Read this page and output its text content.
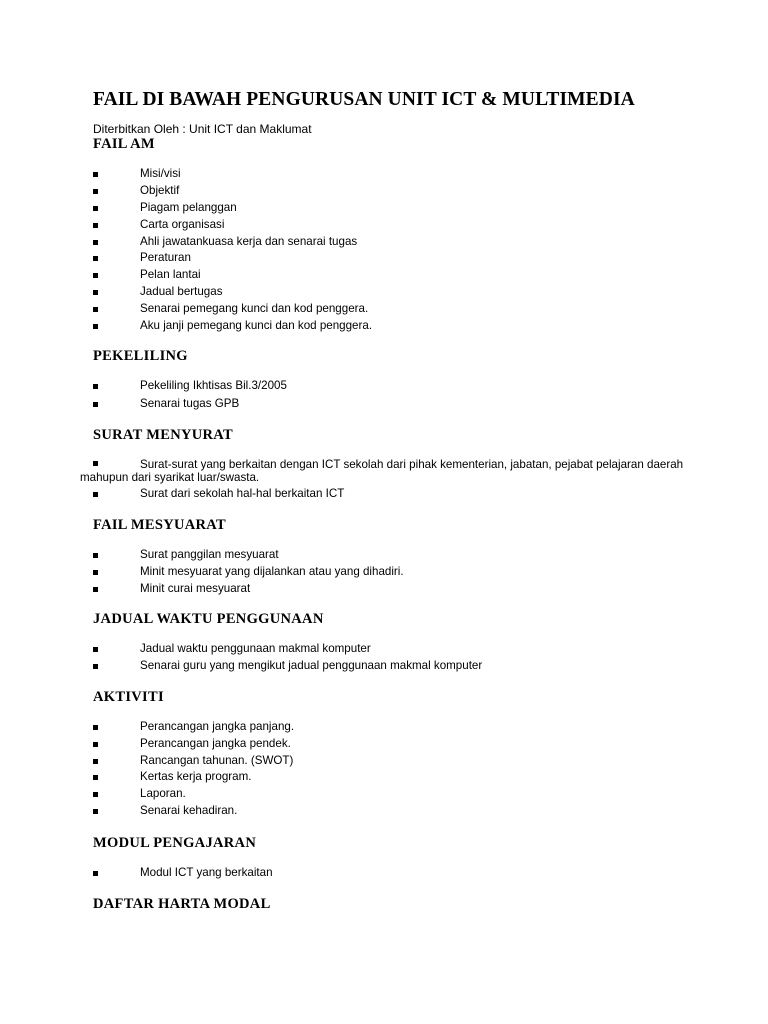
FAIL DI BAWAH PENGURUSAN UNIT ICT & MULTIMEDIA
Diterbitkan Oleh : Unit ICT dan Maklumat
FAIL AM
Misi/visi
Objektif
Piagam pelanggan
Carta organisasi
Ahli jawatankuasa kerja dan senarai tugas
Peraturan
Pelan lantai
Jadual bertugas
Senarai pemegang kunci dan kod penggera.
Aku janji pemegang kunci dan kod penggera.
PEKELILING
Pekeliling Ikhtisas Bil.3/2005
Senarai tugas GPB
SURAT MENYURAT
Surat-surat yang berkaitan dengan ICT sekolah dari pihak kementerian, jabatan, pejabat pelajaran daerah mahupun dari syarikat luar/swasta.
Surat dari sekolah hal-hal berkaitan ICT
FAIL MESYUARAT
Surat panggilan mesyuarat
Minit mesyuarat yang dijalankan atau yang dihadiri.
Minit curai mesyuarat
JADUAL WAKTU PENGGUNAAN
Jadual waktu penggunaan makmal komputer
Senarai guru yang mengikut jadual penggunaan makmal komputer
AKTIVITI
Perancangan jangka panjang.
Perancangan jangka pendek.
Rancangan tahunan. (SWOT)
Kertas kerja program.
Laporan.
Senarai kehadiran.
MODUL PENGAJARAN
Modul ICT yang berkaitan
DAFTAR HARTA MODAL
